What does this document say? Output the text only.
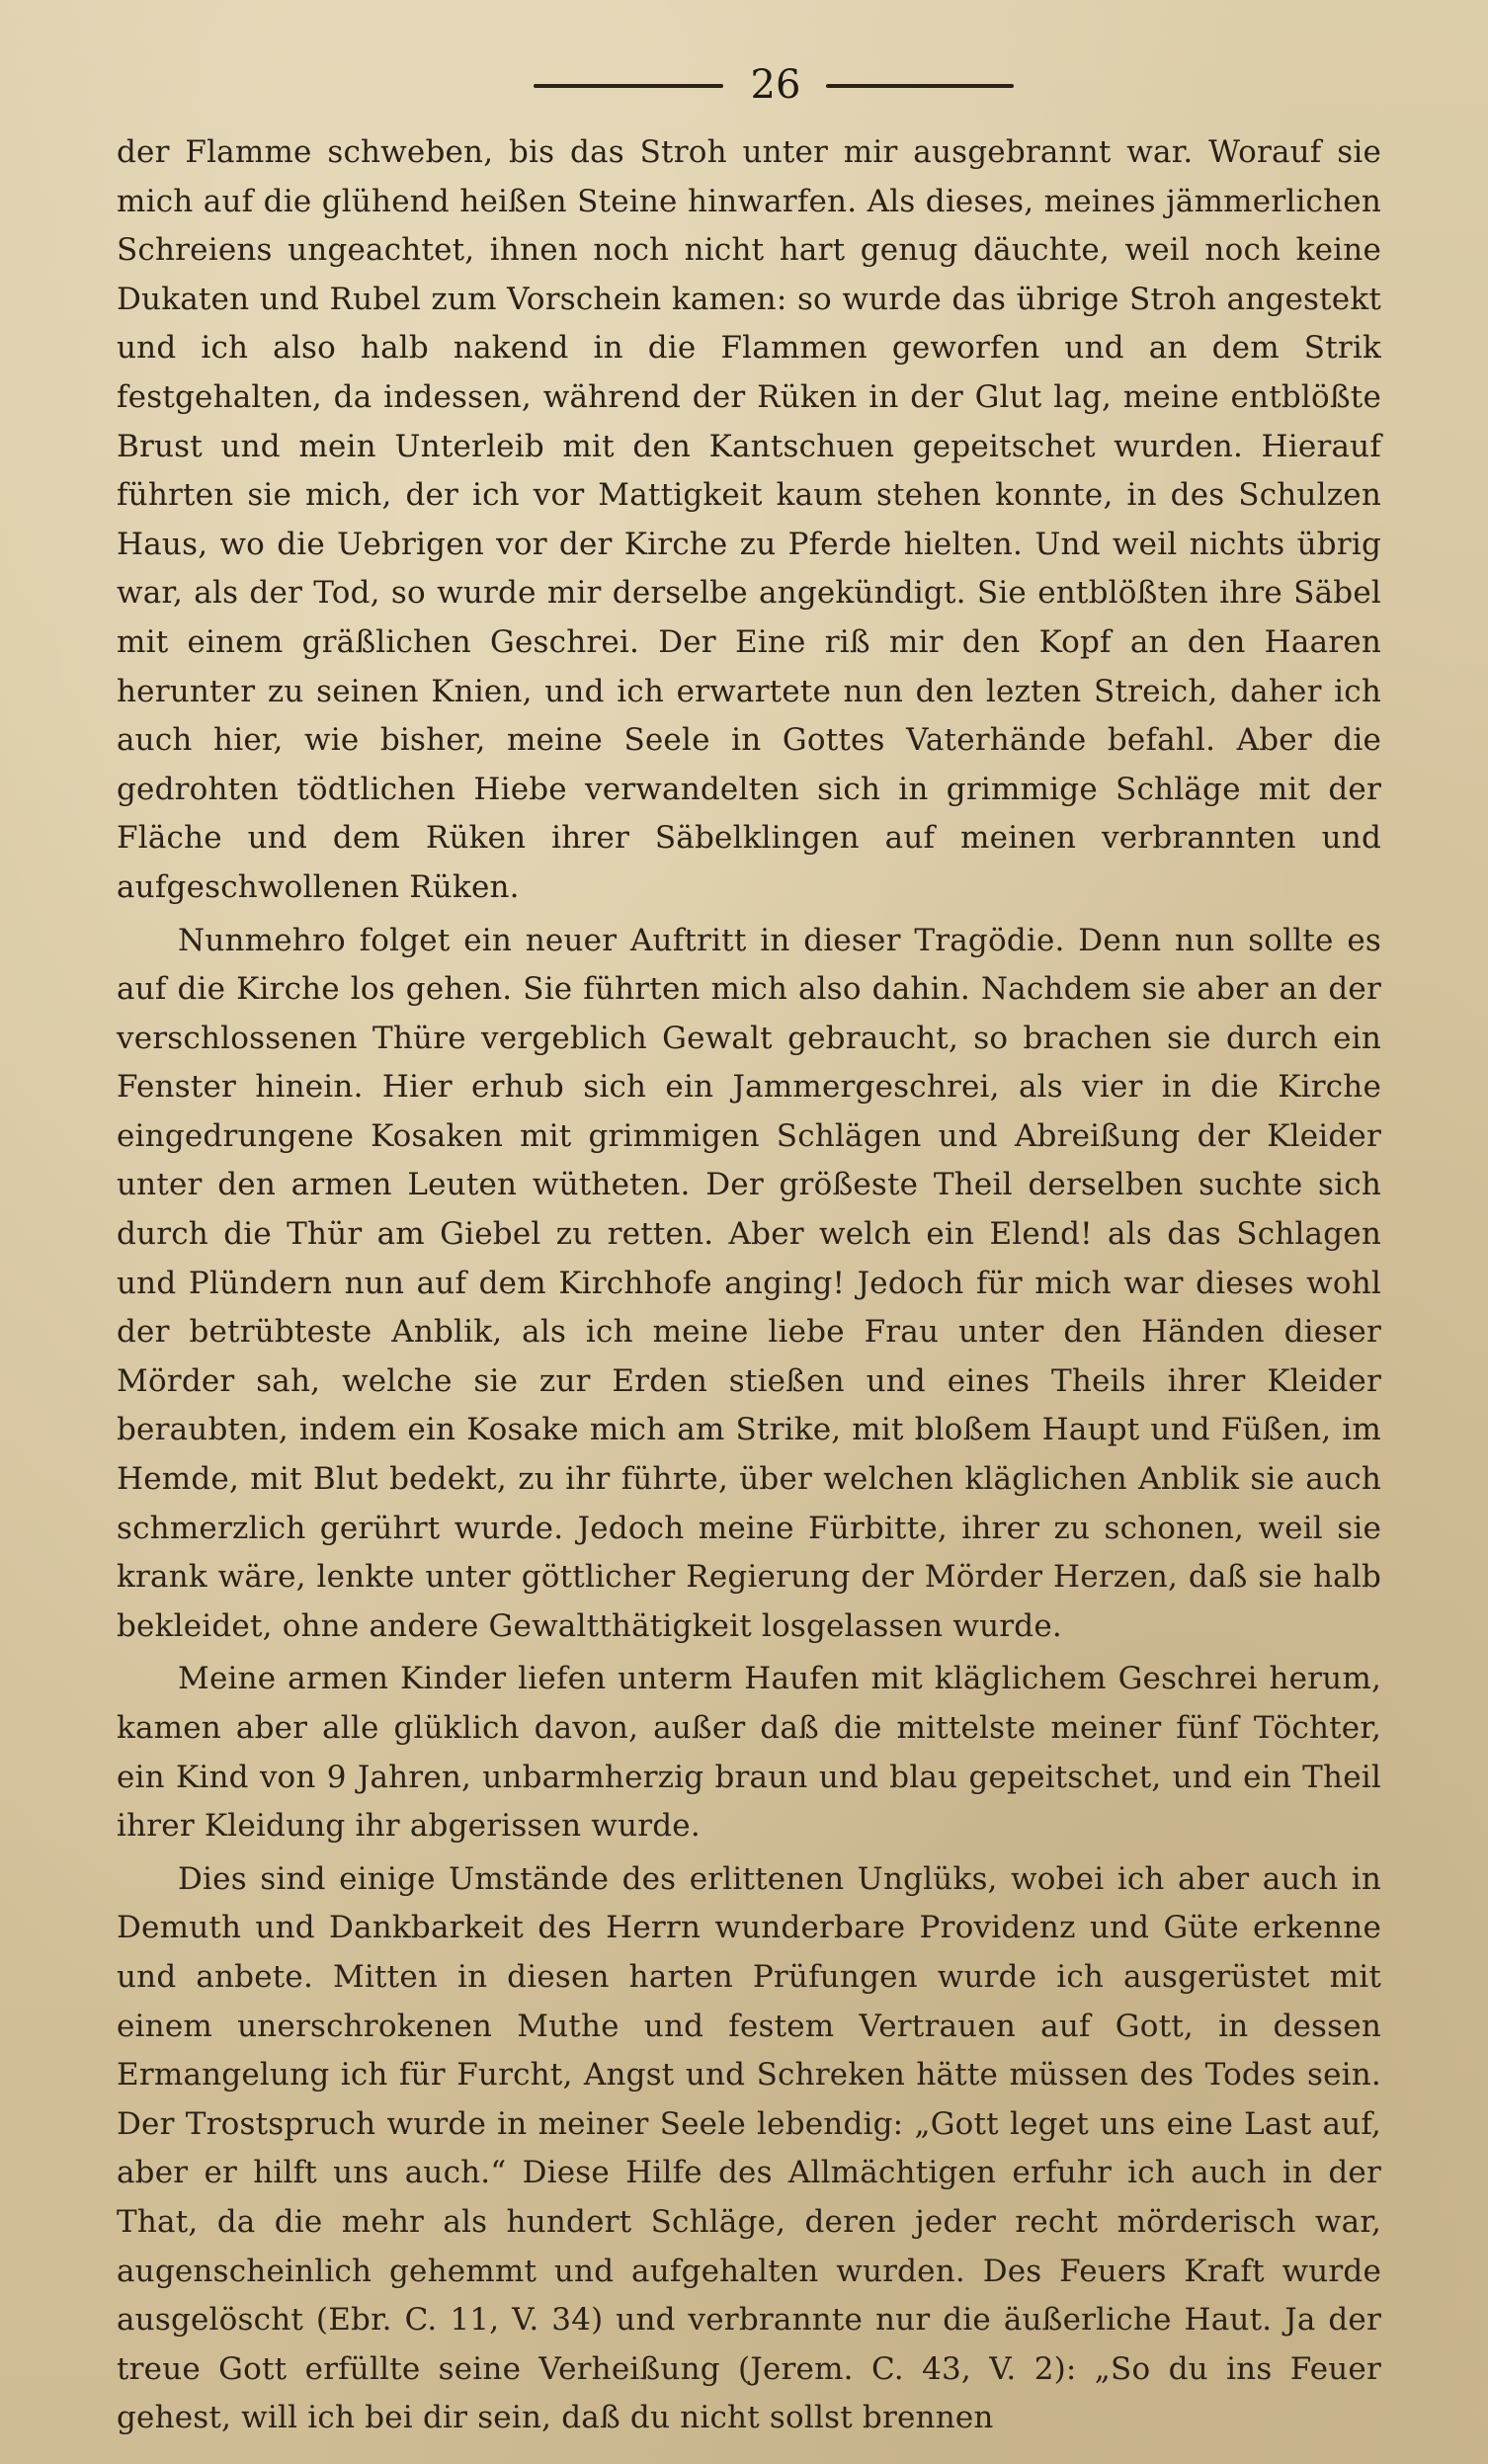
26

der Flamme schweben, bis das Stroh unter mir ausgebrannt war. Worauf sie mich auf die glühend heißen Steine hinwarfen. Als dieses, meines jämmerlichen Schreiens ungeachtet, ihnen noch nicht hart genug däuchte, weil noch keine Dukaten und Rubel zum Vorschein kamen: so wurde das übrige Stroh angestekt und ich also halb nakend in die Flammen geworfen und an dem Strik festgehalten, da indessen, während der Rüken in der Glut lag, meine entblößte Brust und mein Unterleib mit den Kantschuen gepeitschet wurden. Hierauf führten sie mich, der ich vor Mattigkeit kaum stehen konnte, in des Schulzen Haus, wo die Uebrigen vor der Kirche zu Pferde hielten. Und weil nichts übrig war, als der Tod, so wurde mir derselbe angekündigt. Sie entblößten ihre Säbel mit einem gräßlichen Geschrei. Der Eine riß mir den Kopf an den Haaren herunter zu seinen Knien, und ich erwartete nun den lezten Streich, daher ich auch hier, wie bisher, meine Seele in Gottes Vaterhände befahl. Aber die gedrohten tödtlichen Hiebe verwandelten sich in grimmige Schläge mit der Fläche und dem Rüken ihrer Säbelklingen auf meinen verbrannten und aufgeschwollenen Rüken.

Nunmehro folget ein neuer Auftritt in dieser Tragödie. Denn nun sollte es auf die Kirche los gehen. Sie führten mich also dahin. Nachdem sie aber an der verschlossenen Thüre vergeblich Gewalt gebraucht, so brachen sie durch ein Fenster hinein. Hier erhub sich ein Jammergeschrei, als vier in die Kirche eingedrungene Kosaken mit grimmigen Schlägen und Abreißung der Kleider unter den armen Leuten wütheten. Der größeste Theil derselben suchte sich durch die Thür am Giebel zu retten. Aber welch ein Elend! als das Schlagen und Plündern nun auf dem Kirchhofe anging! Jedoch für mich war dieses wohl der betrübteste Anblik, als ich meine liebe Frau unter den Händen dieser Mörder sah, welche sie zur Erden stießen und eines Theils ihrer Kleider beraubten, indem ein Kosake mich am Strike, mit bloßem Haupt und Füßen, im Hemde, mit Blut bedekt, zu ihr führte, über welchen kläglichen Anblik sie auch schmerzlich gerührt wurde. Jedoch meine Fürbitte, ihrer zu schonen, weil sie krank wäre, lenkte unter göttlicher Regierung der Mörder Herzen, daß sie halb bekleidet, ohne andere Gewaltthätigkeit losgelassen wurde.

Meine armen Kinder liefen unterm Haufen mit kläglichem Geschrei herum, kamen aber alle glüklich davon, außer daß die mittelste meiner fünf Töchter, ein Kind von 9 Jahren, unbarmherzig braun und blau gepeitschet, und ein Theil ihrer Kleidung ihr abgerissen wurde.

Dies sind einige Umstände des erlittenen Unglüks, wobei ich aber auch in Demuth und Dankbarkeit des Herrn wunderbare Providenz und Güte erkenne und anbete. Mitten in diesen harten Prüfungen wurde ich ausgerüstet mit einem unerschrokenen Muthe und festem Vertrauen auf Gott, in dessen Ermangelung ich für Furcht, Angst und Schreken hätte müssen des Todes sein. Der Trostspruch wurde in meiner Seele lebendig: „Gott leget uns eine Last auf, aber er hilft uns auch.“ Diese Hilfe des Allmächtigen erfuhr ich auch in der That, da die mehr als hundert Schläge, deren jeder recht mörderisch war, augenscheinlich gehemmt und aufgehalten wurden. Des Feuers Kraft wurde ausgelöscht (Ebr. C. 11, V. 34) und verbrannte nur die äußerliche Haut. Ja der treue Gott erfüllte seine Verheißung (Jerem. C. 43, V. 2): „So du ins Feuer gehest, will ich bei dir sein, daß du nicht sollst brennen
